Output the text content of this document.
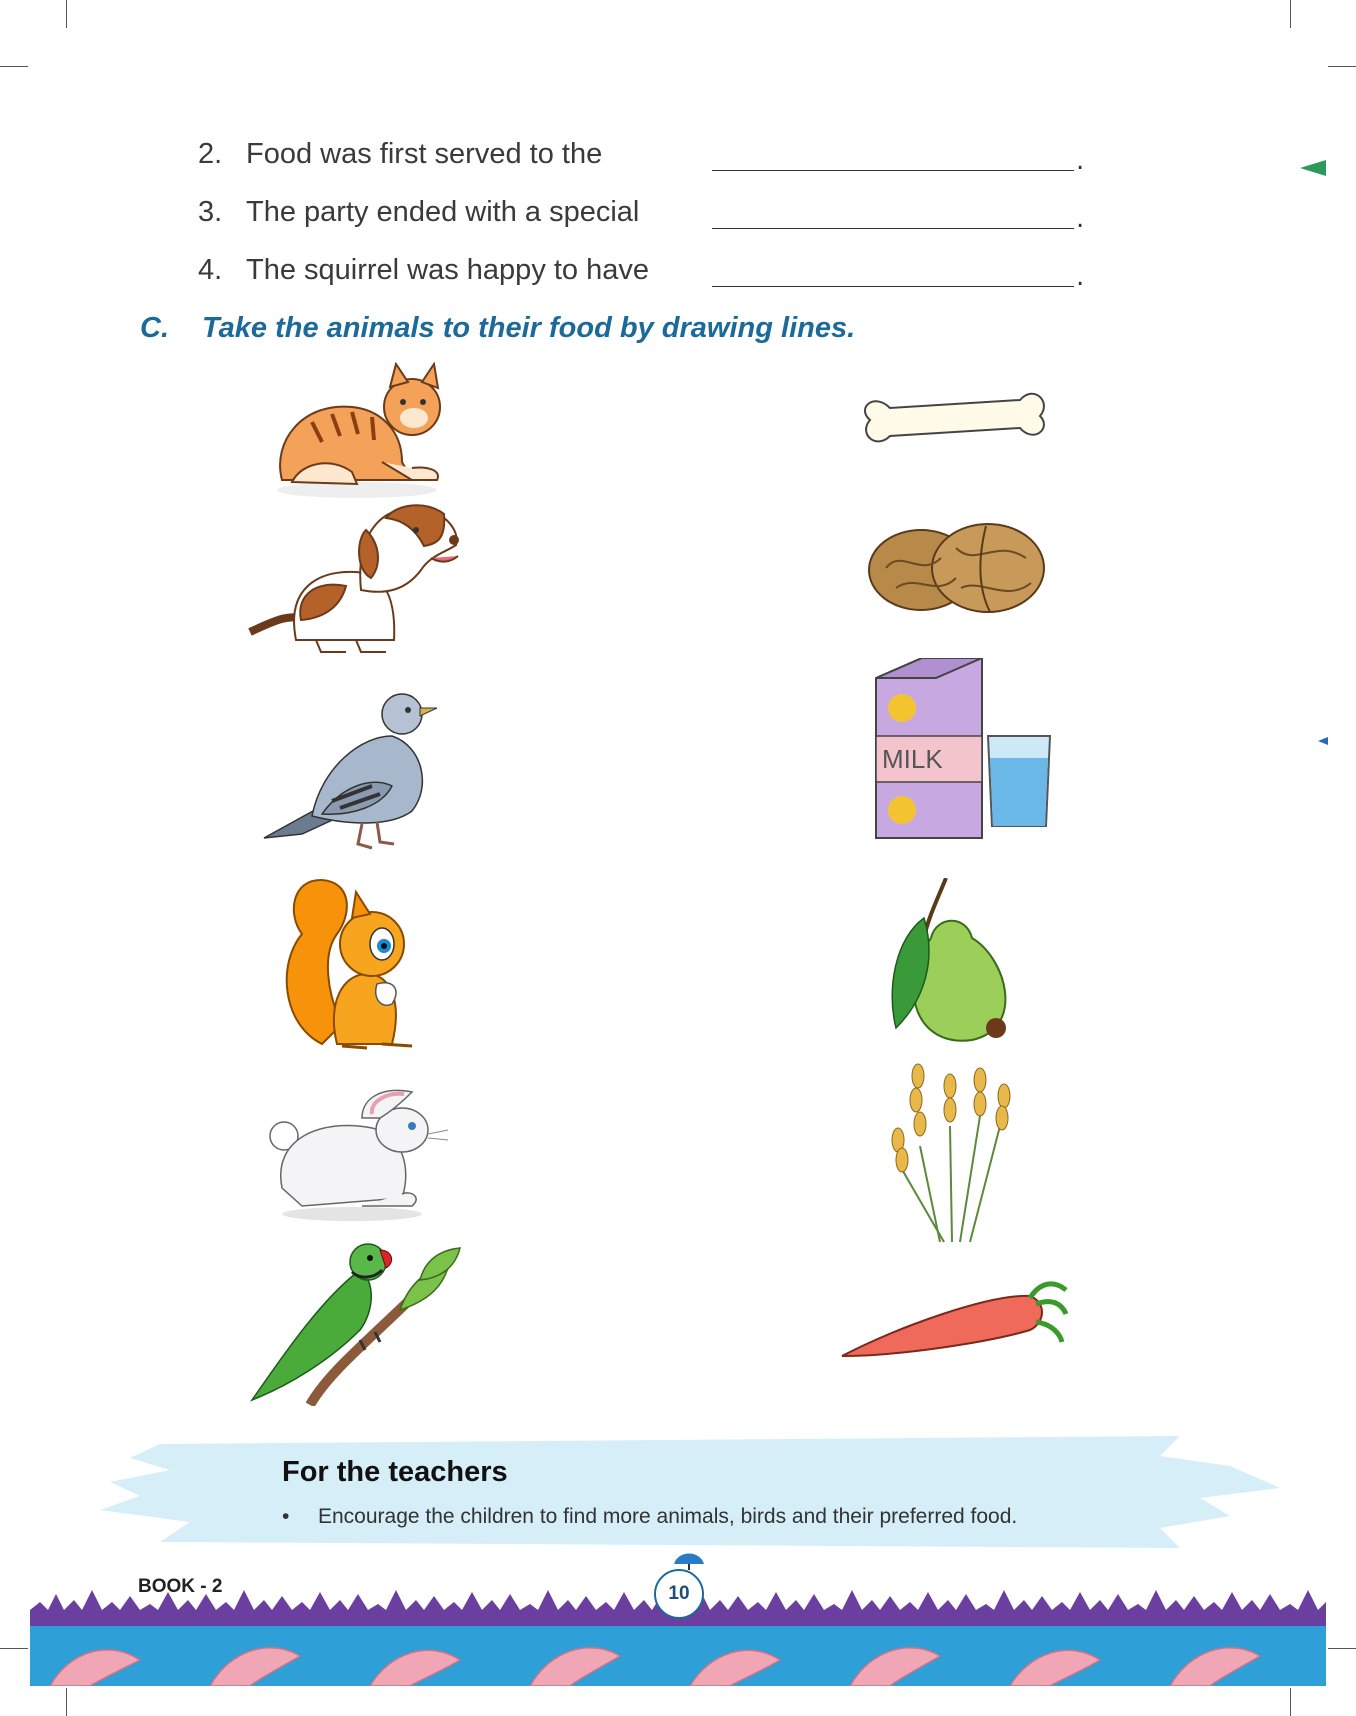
2. Food was first served to the	.
3. The party ended with a special	.
4. The squirrel was happy to have	.
C. Take the animals to their food by drawing lines.
MILK
For the teachers
• Encourage the children to find more animals, birds and their preferred food.
BOOK - 2	10
